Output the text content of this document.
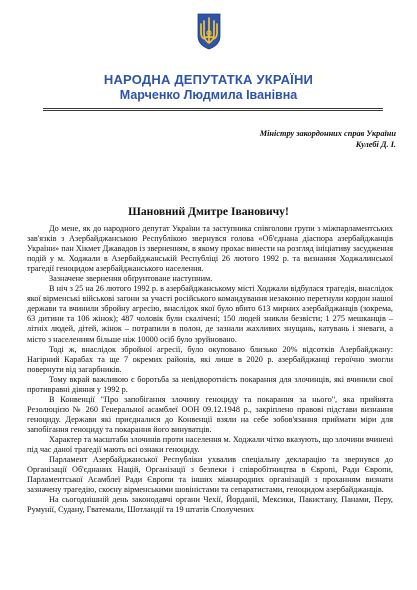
НАРОДНА ДЕПУТАТКА УКРАЇНИ
Марченко Людмила Іванівна
Міністру закордонних справ України
Кулебі Д. І.
Шановний Дмитре Івановичу!

До мене, як до народного депутат України та заступника співголови групи з міжпарламентських зав'язків з Азербайджанською Республікою звернувся голова «Об'єднана діаспора азербайджанців України» пан Хікмет Джавадов із зверненням, в якому прохає винести на розгляд ініціативу засудження подій у м. Ходжали в Азербайджанській Республіці 26 лютого 1992 р. та визнання Ходжалинської трагедії геноцидом азербайджанського населення.

Зазначене звернення обґрунтоване наступним.

В ніч з 25 на 26 лютого 1992 р. в азербайджанському місті Ходжали відбулася трагедія, внаслідок якої вірменські військові загони за участі російського командування незаконно перетнули кордон нашої держави та вчинили збройну агресію, внаслідок якої було вбито 613 мирних азербайджанців (зокрема, 63 дитини та 106 жінок); 487 чоловік були скалічені; 150 людей зникли безвісти; 1 275 мешканців – літніх людей, дітей, жінок – потрапили в полон, де зазнали жахливих знущань, катувань і зневаги, а місто з населенням більше ніж 10000 осіб було зруйновано.

Тоді ж, внаслідок збройної агресії, було окуповано близько 20% відсотків Азербайджану: Нагірний Карабах та ще 7 окремих районів, які лише в 2020 р. азербайджанці героїчно змогли повернути від загарбників.

Тому вкрай важливою є боротьба за невідворотність покарання для злочинців, які вчинили свої противравні діяння у 1992 р.

В Конвенції "Про запобігання злочину геноциду та покарання за нього", яка прийнята Резолюцією № 260 Генеральної асамблеї ООН 09.12.1948 р., закріплено правові підстави визнання геноциду. Держави які приєдналися до Конвенції взяли на себе зобов'язання приймати міри для запобігання геноциду та покарання його винуватців.

Характер та масштаби злочинів проти населення м. Ходжали чітко вказують, що злочини вчинені під час даної трагедії мають всі ознаки геноциду.

Парламент Азербайджанської Республіки ухвалив спеціальну декларацію та звернувся до Організації Об'єднаних Націй, Організації з безпеки і співробітництва в Європі, Ради Європи, Парламентської Асамблеї Ради Європи та інших міжнародних організацій з проханням визнати зазначену трагедію, скоєну вірменськими шовіністами та сепаратистами, геноцидом азербайджанців.

На сьогоднішній день законодавчі органи Чехії, Йорданії, Мексики, Пакистану, Панами, Перу, Румунії, Судану, Гватемали, Шотландії та 19 штатів Сполучених
